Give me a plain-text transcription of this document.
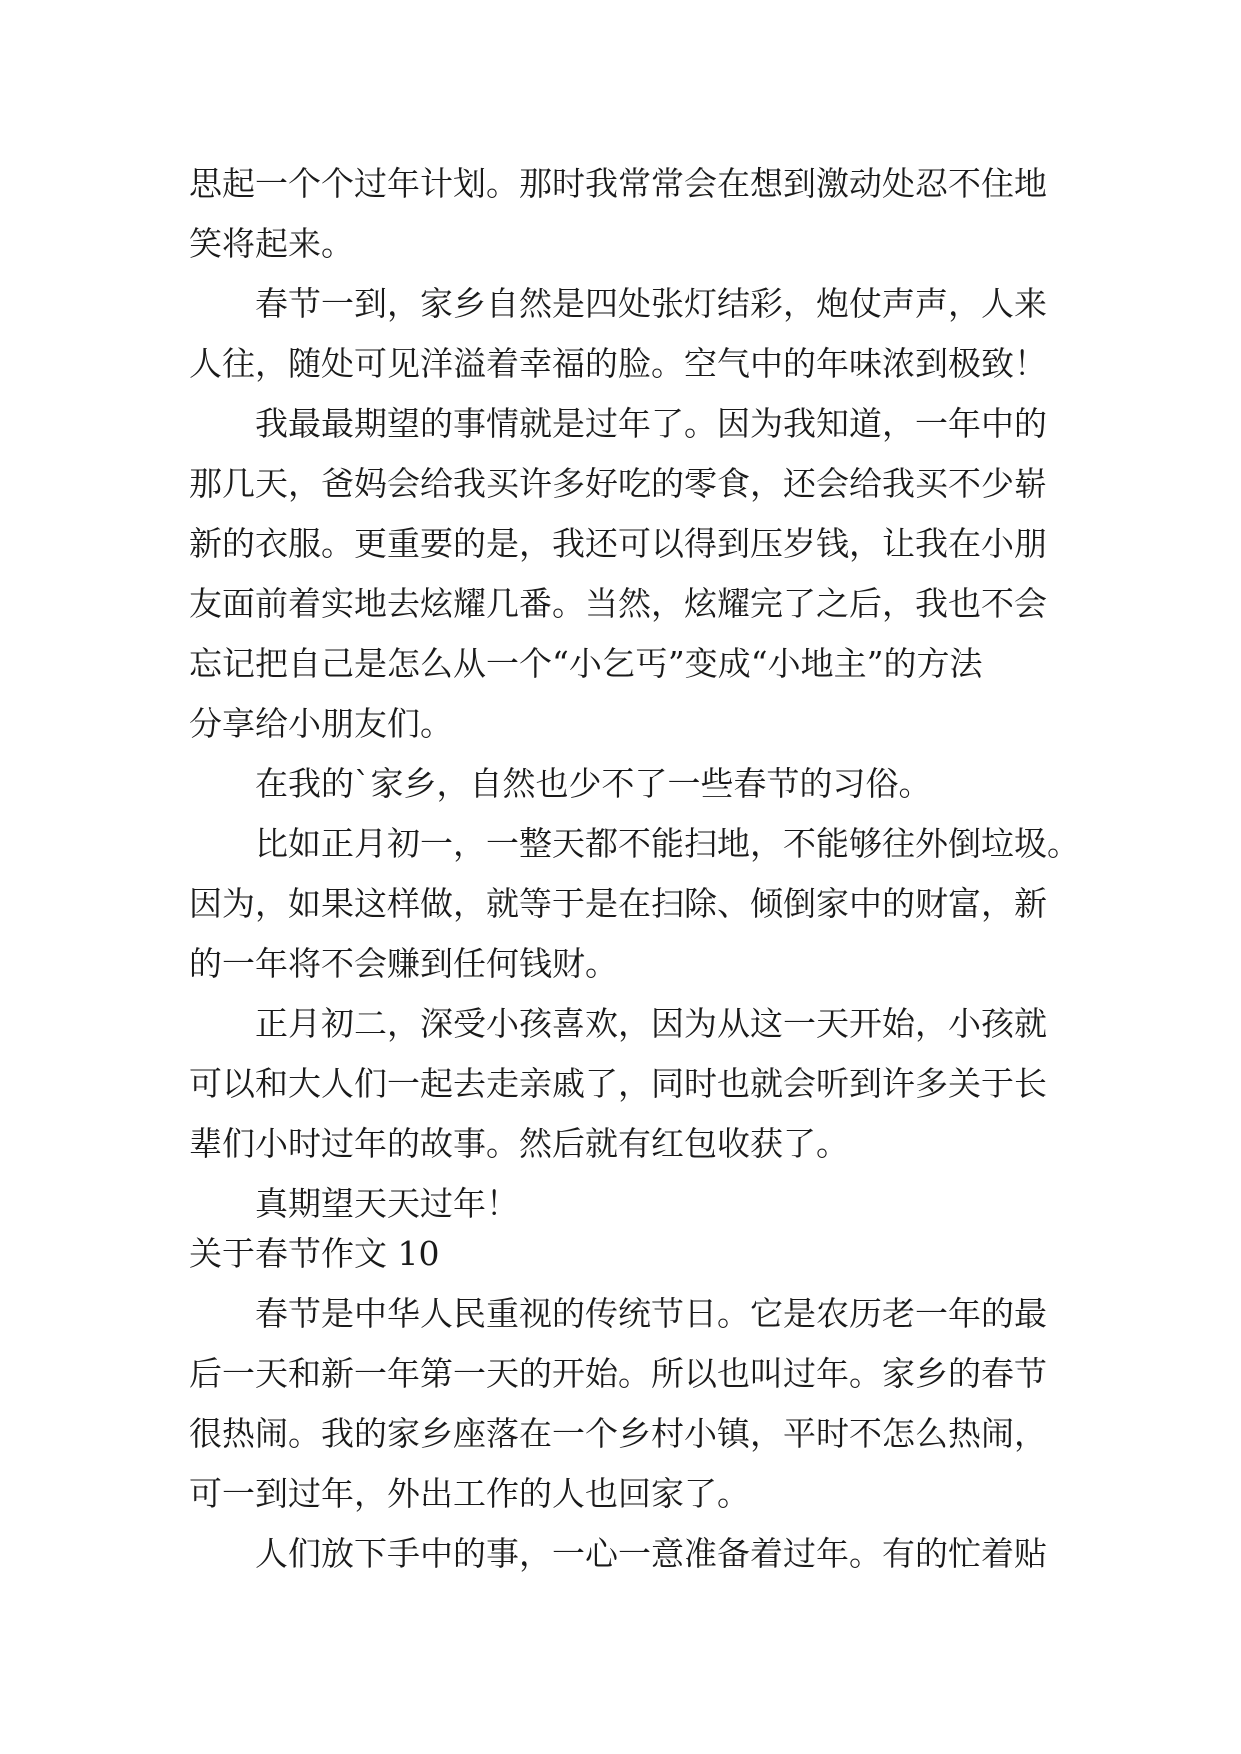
思起一个个过年计划。那时我常常会在想到激动处忍不住地
笑将起来。
春节一到，家乡自然是四处张灯结彩，炮仗声声，人来
人往，随处可见洋溢着幸福的脸。空气中的年味浓到极致！
我最最期望的事情就是过年了。因为我知道，一年中的
那几天，爸妈会给我买许多好吃的零食，还会给我买不少崭
新的衣服。更重要的是，我还可以得到压岁钱，让我在小朋
友面前着实地去炫耀几番。当然，炫耀完了之后，我也不会
忘记把自己是怎么从一个“小乞丐”变成“小地主”的方法
分享给小朋友们。
在我的`家乡，自然也少不了一些春节的习俗。
比如正月初一，一整天都不能扫地，不能够往外倒垃圾。
因为，如果这样做，就等于是在扫除、倾倒家中的财富，新
的一年将不会赚到任何钱财。
正月初二，深受小孩喜欢，因为从这一天开始，小孩就
可以和大人们一起去走亲戚了，同时也就会听到许多关于长
辈们小时过年的故事。然后就有红包收获了。
真期望天天过年！
关于春节作文 10
春节是中华人民重视的传统节日。它是农历老一年的最
后一天和新一年第一天的开始。所以也叫过年。家乡的春节
很热闹。我的家乡座落在一个乡村小镇，平时不怎么热闹，
可一到过年，外出工作的人也回家了。
人们放下手中的事，一心一意准备着过年。有的忙着贴
